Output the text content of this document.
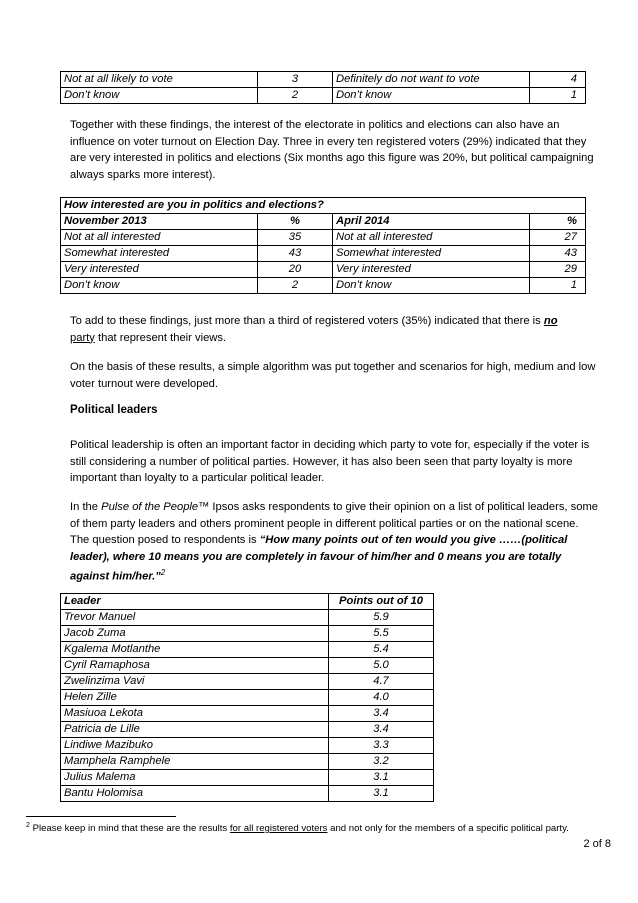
Not at all likely to vote	3	Definitely do not want to vote	4
Don’t know	2	Don’t know	1

Together with these findings, the interest of the electorate in politics and elections can also have an influence on voter turnout on Election Day. Three in every ten registered voters (29%) indicated that they are very interested in politics and elections (Six months ago this figure was 20%, but political campaigning always sparks more interest).

How interested are you in politics and elections?			
November 2013	%	April 2014	%
Not at all interested	35	Not at all interested	27
Somewhat interested	43	Somewhat interested	43
Very interested	20	Very interested	29
Don’t know	2	Don’t know	1

To add to these findings, just more than a third of registered voters (35%) indicated that there is no
party that represent their views.

On the basis of these results, a simple algorithm was put together and scenarios for high, medium and low voter turnout were developed.

Political leaders

Political leadership is often an important factor in deciding which party to vote for, especially if the voter is still considering a number of political parties. However, it has also been seen that party loyalty is more important than loyalty to a particular political leader.

In the Pulse of the People™ Ipsos asks respondents to give their opinion on a list of political leaders, some of them party leaders and others prominent people in different political parties or on the national scene. The question posed to respondents is “How many points out of ten would you give ……(political leader), where 10 means you are completely in favour of him/her and 0 means you are totally against him/her.”$^2$

Leader	Points out of 10
Trevor Manuel	5.9
Jacob Zuma	5.5
Kgalema Motlanthe	5.4
Cyril Ramaphosa	5.0
Zwelinzima Vavi	4.7
Helen Zille	4.0
Masiuoa Lekota	3.4
Patricia de Lille	3.4
Lindiwe Mazibuko	3.3
Mamphela Ramphele	3.2
Julius Malema	3.1
Bantu Holomisa	3.1
$^2$ Please keep in mind that these are the results for all registered voters and not only for the members of a specific political party.
2 of 8
